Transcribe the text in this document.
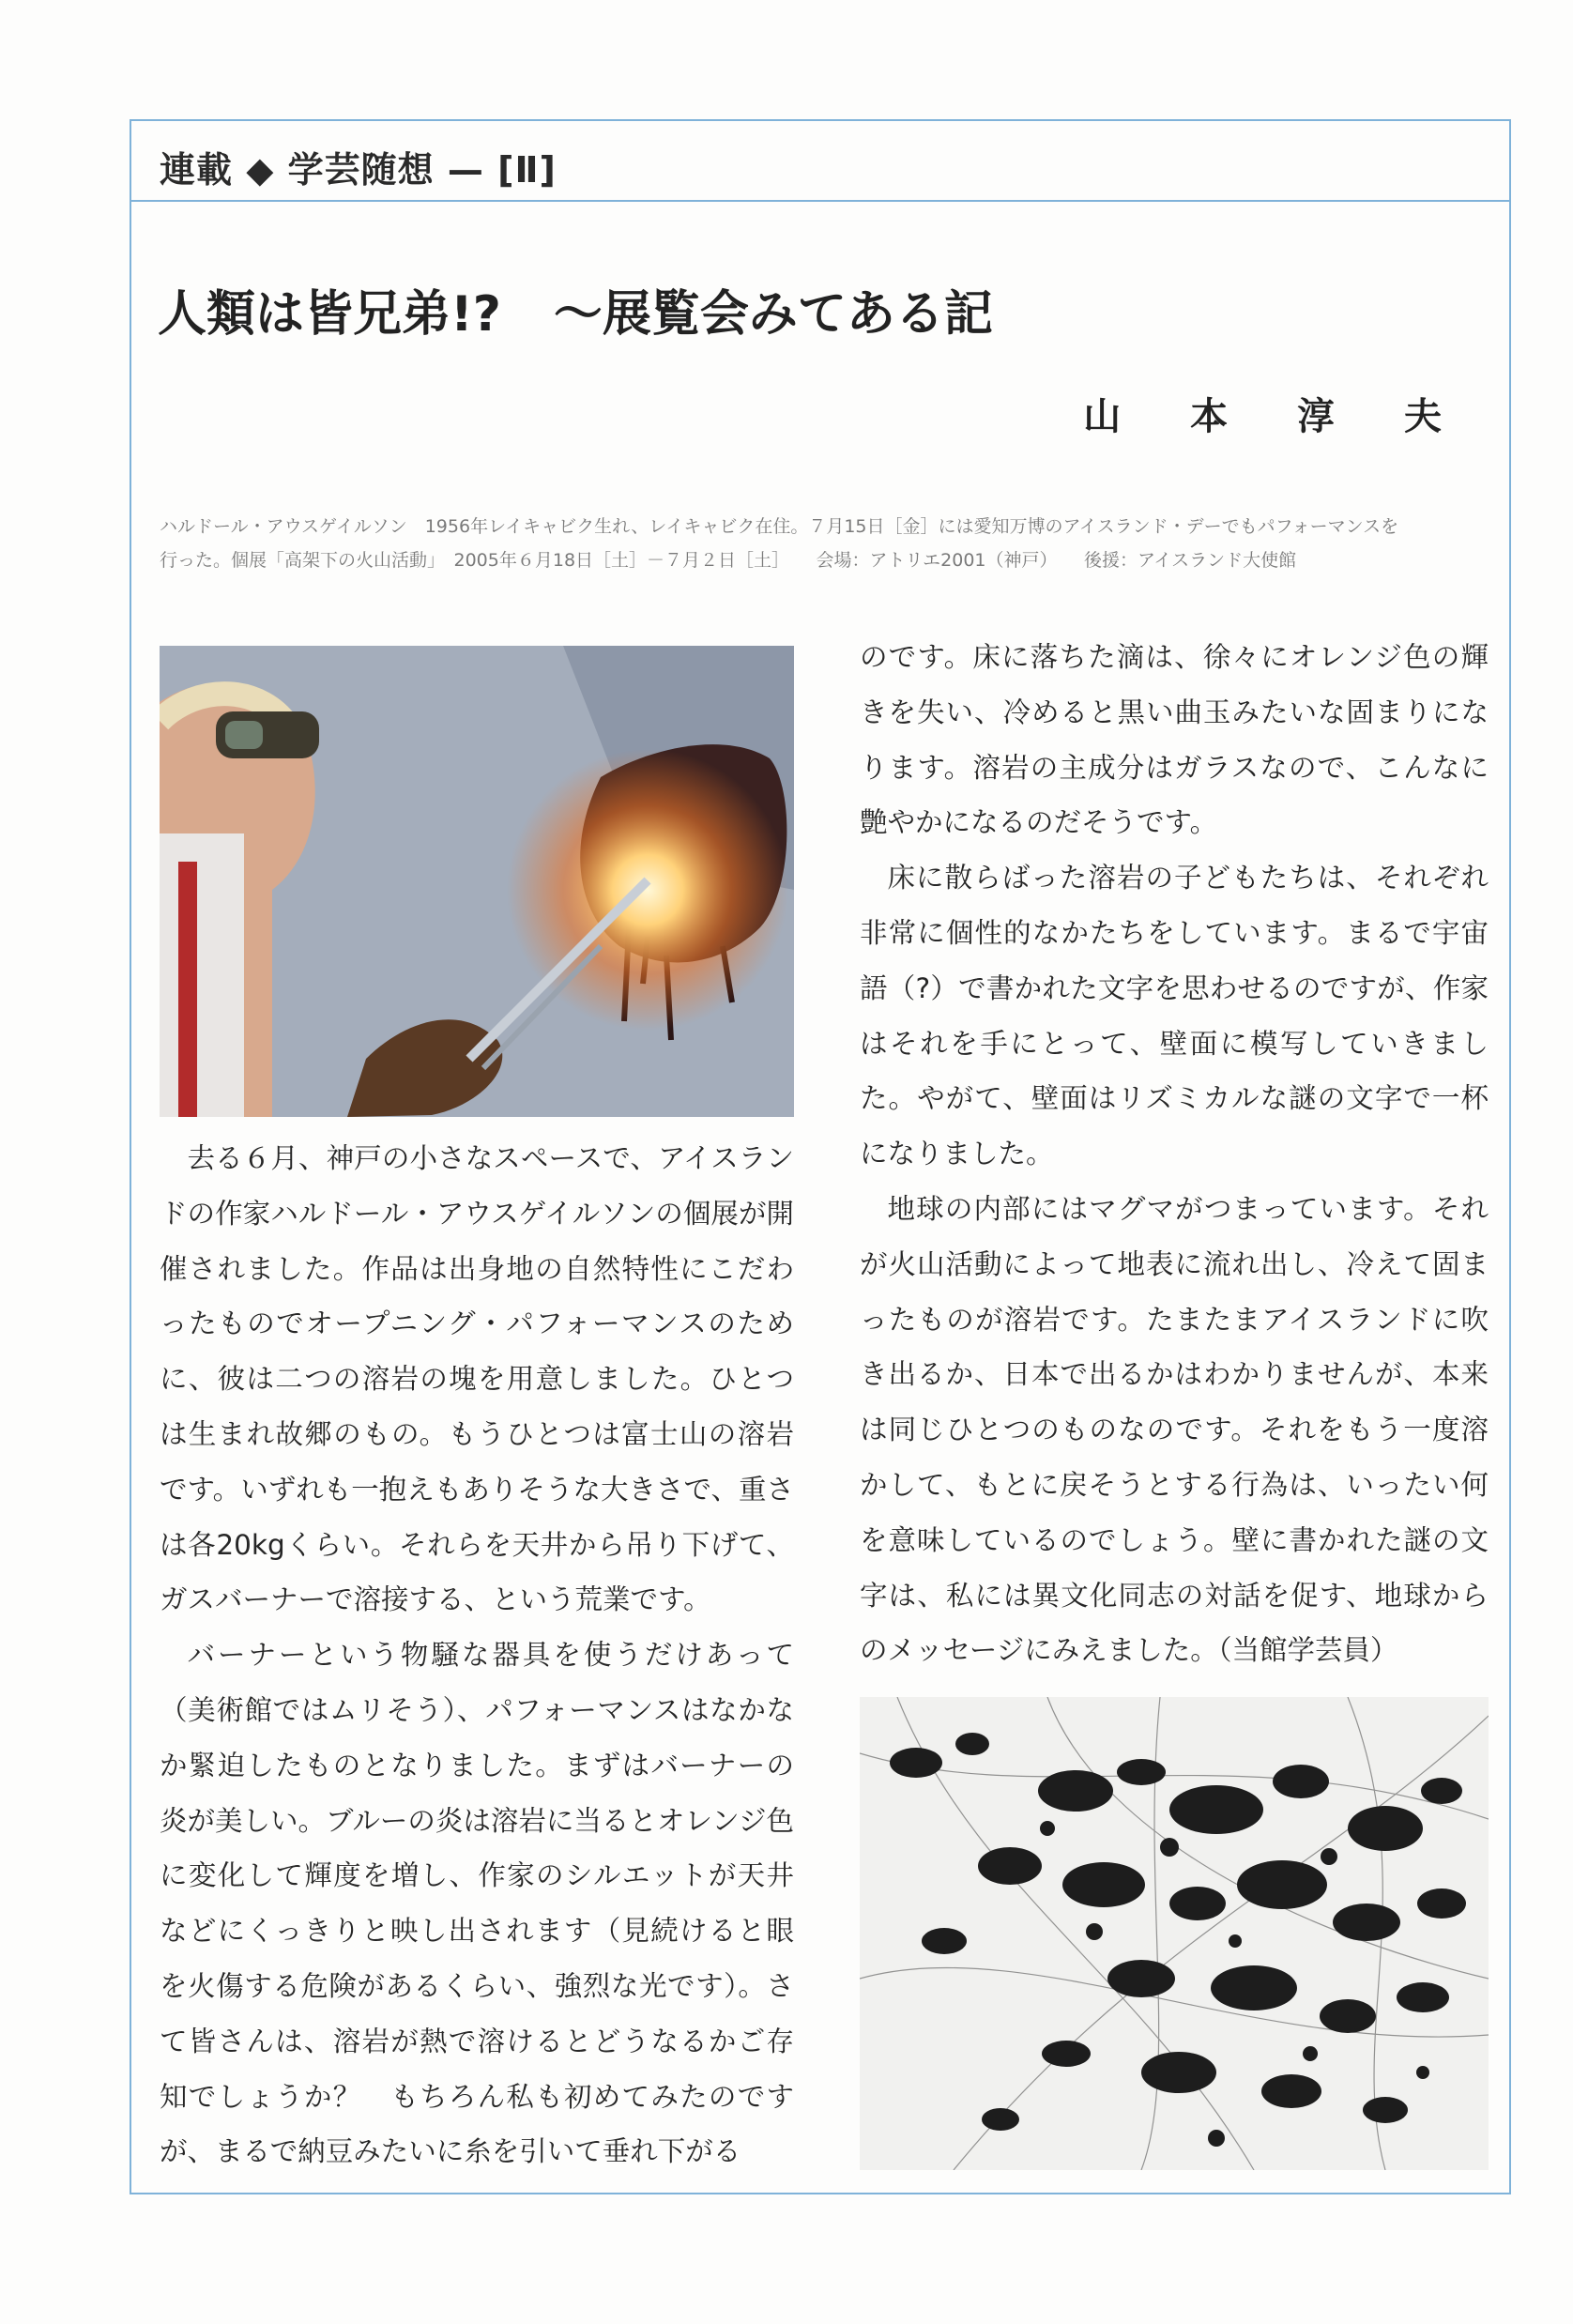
連載 ◆ 学芸随想 — [Ⅱ]
人類は皆兄弟!? 〜展覧会みてある記
山 本 淳 夫
ハルドール・アウスゲイルソン　1956年レイキャビク生れ、レイキャビク在住。７月15日［金］には愛知万博のアイスランド・デーでもパフォーマンスを
行った。個展「高架下の火山活動」　2005年６月18日［土］－７月２日［土］　　会場：アトリエ2001（神戸）　　後援：アイスランド大使館

去る６月、神戸の小さなスペースで、アイスランドの作家ハルドール・アウスゲイルソンの個展が開催されました。作品は出身地の自然特性にこだわったものでオープニング・パフォーマンスのために、彼は二つの溶岩の塊を用意しました。ひとつは生まれ故郷のもの。もうひとつは富士山の溶岩です。いずれも一抱えもありそうな大きさで、重さは各20kgくらい。それらを天井から吊り下げて、ガスバーナーで溶接する、という荒業です。

バーナーという物騒な器具を使うだけあって（美術館ではムリそう）、パフォーマンスはなかなか緊迫したものとなりました。まずはバーナーの炎が美しい。ブルーの炎は溶岩に当るとオレンジ色に変化して輝度を増し、作家のシルエットが天井などにくっきりと映し出されます（見続けると眼を火傷する危険があるくらい、強烈な光です）。さて皆さんは、溶岩が熱で溶けるとどうなるかご存知でしょうか？　もちろん私も初めてみたのですが、まるで納豆みたいに糸を引いて垂れ下がる

のです。床に落ちた滴は、徐々にオレンジ色の輝きを失い、冷めると黒い曲玉みたいな固まりになります。溶岩の主成分はガラスなので、こんなに艶やかになるのだそうです。

床に散らばった溶岩の子どもたちは、それぞれ非常に個性的なかたちをしています。まるで宇宙語（?）で書かれた文字を思わせるのですが、作家はそれを手にとって、壁面に模写していきました。やがて、壁面はリズミカルな謎の文字で一杯になりました。

地球の内部にはマグマがつまっています。それが火山活動によって地表に流れ出し、冷えて固まったものが溶岩です。たまたまアイスランドに吹き出るか、日本で出るかはわかりませんが、本来は同じひとつのものなのです。それをもう一度溶かして、もとに戻そうとする行為は、いったい何を意味しているのでしょう。壁に書かれた謎の文字は、私には異文化同志の対話を促す、地球からのメッセージにみえました。（当館学芸員）
